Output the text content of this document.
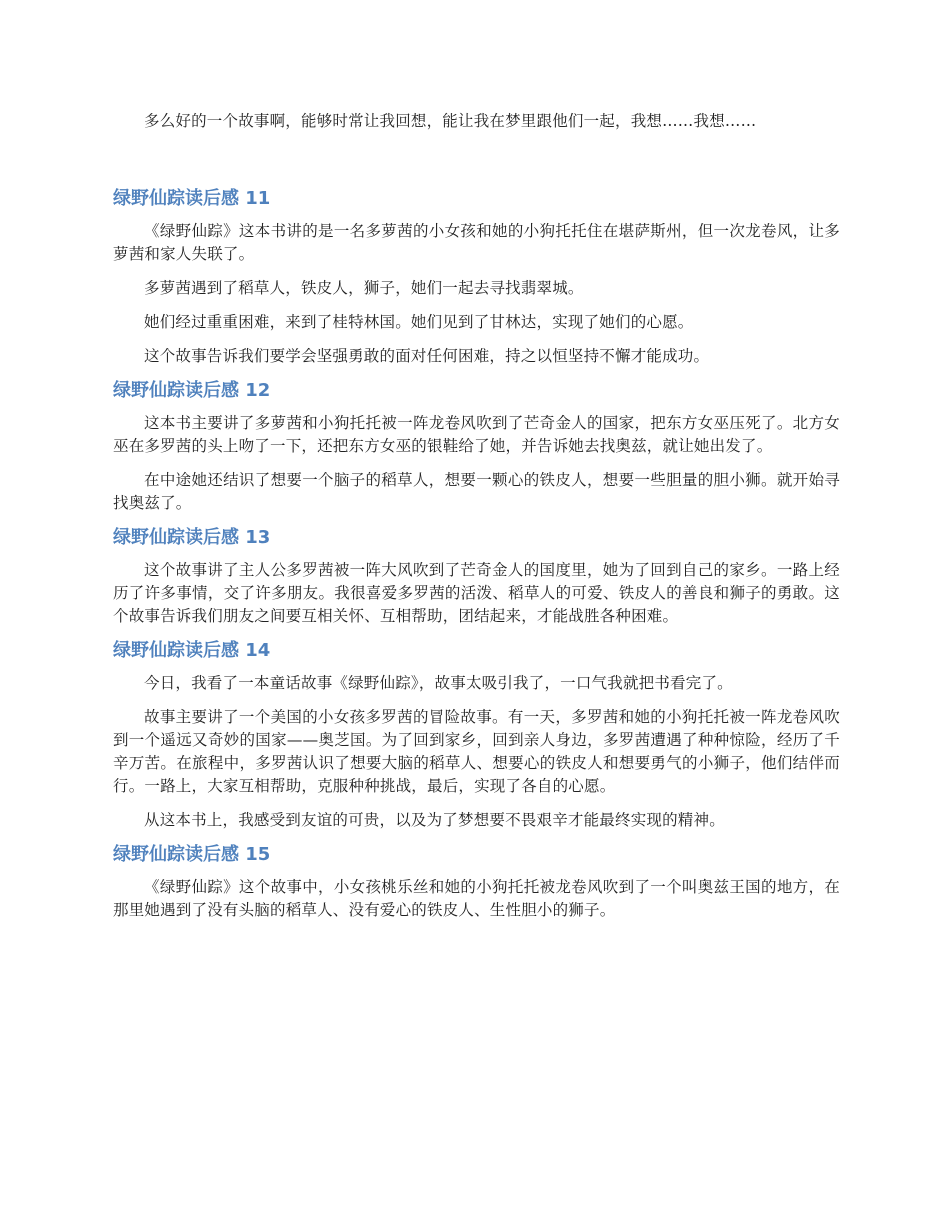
多么好的一个故事啊，能够时常让我回想，能让我在梦里跟他们一起，我想……我想……

绿野仙踪读后感 11

《绿野仙踪》这本书讲的是一名多萝茜的小女孩和她的小狗托托住在堪萨斯州，但一次龙卷风，让多萝茜和家人失联了。

多萝茜遇到了稻草人，铁皮人，狮子，她们一起去寻找翡翠城。

她们经过重重困难，来到了桂特林国。她们见到了甘林达，实现了她们的心愿。

这个故事告诉我们要学会坚强勇敢的面对任何困难，持之以恒坚持不懈才能成功。

绿野仙踪读后感 12

这本书主要讲了多萝茜和小狗托托被一阵龙卷风吹到了芒奇金人的国家，把东方女巫压死了。北方女巫在多罗茜的头上吻了一下，还把东方女巫的银鞋给了她，并告诉她去找奥兹，就让她出发了。

在中途她还结识了想要一个脑子的稻草人，想要一颗心的铁皮人，想要一些胆量的胆小狮。就开始寻找奥兹了。

绿野仙踪读后感 13

这个故事讲了主人公多罗茜被一阵大风吹到了芒奇金人的国度里，她为了回到自己的家乡。一路上经历了许多事情，交了许多朋友。我很喜爱多罗茜的活泼、稻草人的可爱、铁皮人的善良和狮子的勇敢。这个故事告诉我们朋友之间要互相关怀、互相帮助，团结起来，才能战胜各种困难。

绿野仙踪读后感 14

今日，我看了一本童话故事《绿野仙踪》，故事太吸引我了，一口气我就把书看完了。

故事主要讲了一个美国的小女孩多罗茜的冒险故事。有一天，多罗茜和她的小狗托托被一阵龙卷风吹到一个遥远又奇妙的国家——奥芝国。为了回到家乡，回到亲人身边，多罗茜遭遇了种种惊险，经历了千辛万苦。在旅程中，多罗茜认识了想要大脑的稻草人、想要心的铁皮人和想要勇气的小狮子，他们结伴而行。一路上，大家互相帮助，克服种种挑战，最后，实现了各自的心愿。

从这本书上，我感受到友谊的可贵，以及为了梦想要不畏艰辛才能最终实现的精神。

绿野仙踪读后感 15

《绿野仙踪》这个故事中，小女孩桃乐丝和她的小狗托托被龙卷风吹到了一个叫奥兹王国的地方，在那里她遇到了没有头脑的稻草人、没有爱心的铁皮人、生性胆小的狮子。
